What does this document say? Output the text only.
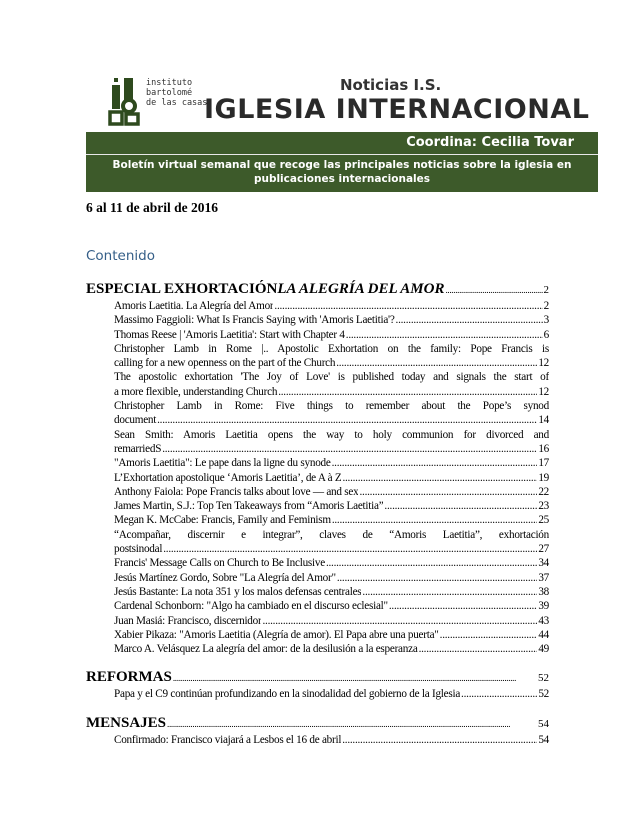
instituto
bartolomé
de las casas
Noticias I.S.
IGLESIA INTERNACIONAL
Coordina: Cecilia Tovar
Boletín virtual semanal que recoge las principales noticias sobre la iglesia en
publicaciones internacionales
6 al 11 de abril de 2016
Contenido
ESPECIAL EXHORTACIÓN LA ALEGRÍA DEL AMOR .....	2
Amoris Laetitia. La Alegría del Amor .....	2
Massimo Faggioli: What Is Francis Saying with 'Amoris Laetitia'? .....	3
Thomas Reese | 'Amoris Laetitia': Start with Chapter 4 .....	6
Christopher Lamb in Rome |.. Apostolic Exhortation on the family: Pope Francis is
calling for a new openness on the part of the Church .....	12
The apostolic exhortation 'The Joy of Love' is published today and signals the start of
a more flexible, understanding Church .....	12
Christopher Lamb in Rome: Five things to remember about the Pope’s synod
document .....	14
Sean Smith: Amoris Laetitia opens the way to holy communion for divorced and
remarriedS .....	16
"Amoris Laetitia": Le pape dans la ligne du synode .....	17
L’Exhortation apostolique ‘Amoris Laetitia’, de A à Z .....	19
Anthony Faiola: Pope Francis talks about love — and sex .....	22
James Martin, S.J.: Top Ten Takeaways from “Amoris Laetitia” .....	23
Megan K. McCabe: Francis, Family and Feminism .....	25
“Acompañar, discernir e integrar”, claves de “Amoris Laetitia”, exhortación
postsinodal .....	27
Francis' Message Calls on Church to Be Inclusive .....	34
Jesús Martínez Gordo, Sobre "La Alegría del Amor" .....	37
Jesús Bastante: La nota 351 y los malos defensas centrales .....	38
Cardenal Schonborn: "Algo ha cambiado en el discurso eclesial" .....	39
Juan Masiá: Francisco, discernidor .....	43
Xabier Pikaza: "Amoris Laetitia (Alegría de amor). El Papa abre una puerta" .....	44
Marco A. Velásquez La alegría del amor: de la desilusión a la esperanza .....	49
REFORMAS .....	52
Papa y el C9 continúan profundizando en la sinodalidad del gobierno de la Iglesia .....	52
MENSAJES .....	54
Confirmado: Francisco viajará a Lesbos el 16 de abril .....	54
